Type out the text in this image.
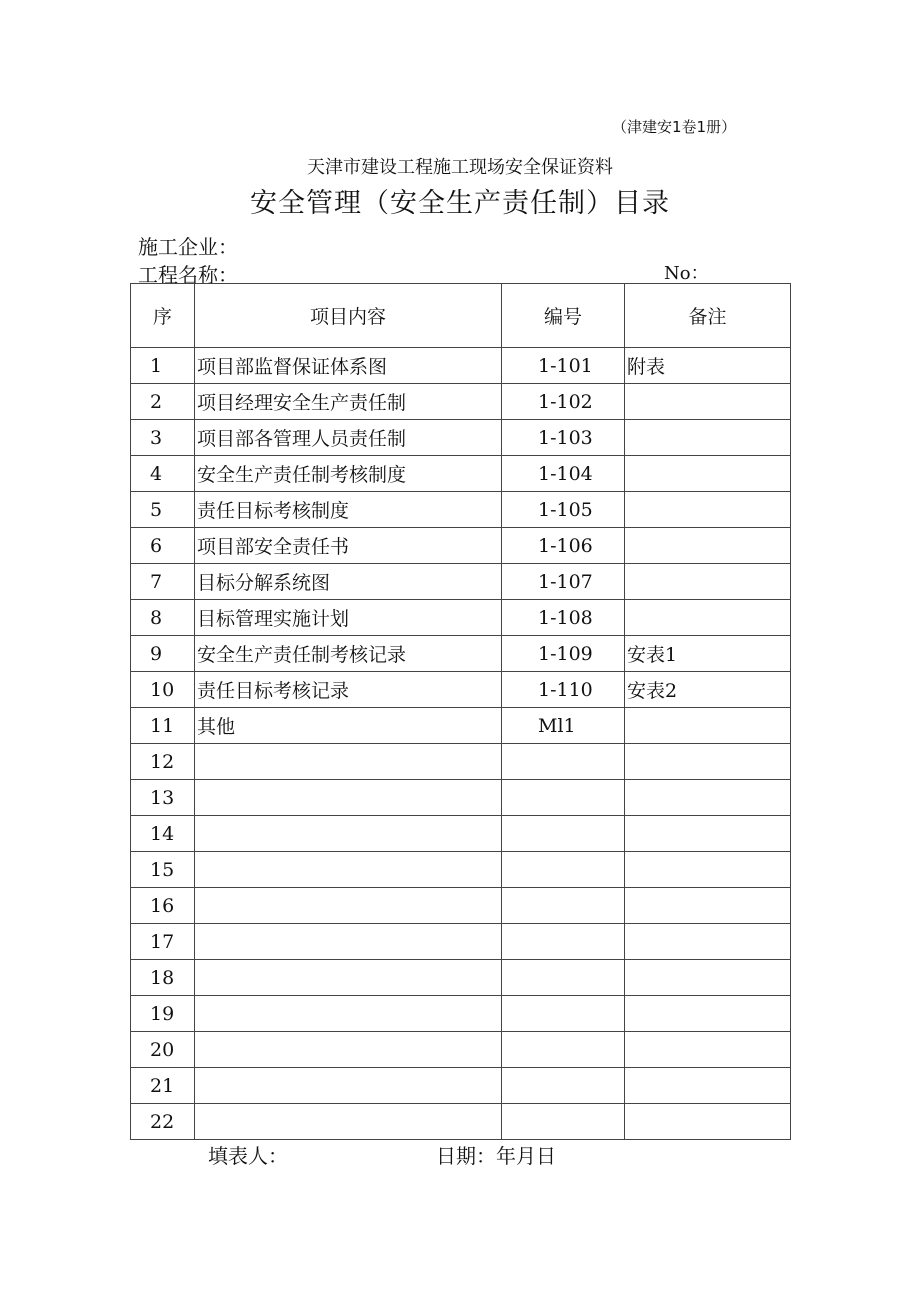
（津建安1卷1册）
天津市建设工程施工现场安全保证资料
安全管理（安全生产责任制）目录
施工企业：
工程名称：	No：
序	项目内容	编号	备注
1	项目部监督保证体系图	1-101	附表
2	项目经理安全生产责任制	1-102	
3	项目部各管理人员责任制	1-103	
4	安全生产责任制考核制度	1-104	
5	责任目标考核制度	1-105	
6	项目部安全责任书	1-106	
7	目标分解系统图	1-107	
8	目标管理实施计划	1-108	
9	安全生产责任制考核记录	1-109	安表1
10	责任目标考核记录	1-110	安表2
11	其他	Ml1	
12			
13			
14			
15			
16			
17			
18			
19			
20			
21			
22			
填表人：	日期：年月日
